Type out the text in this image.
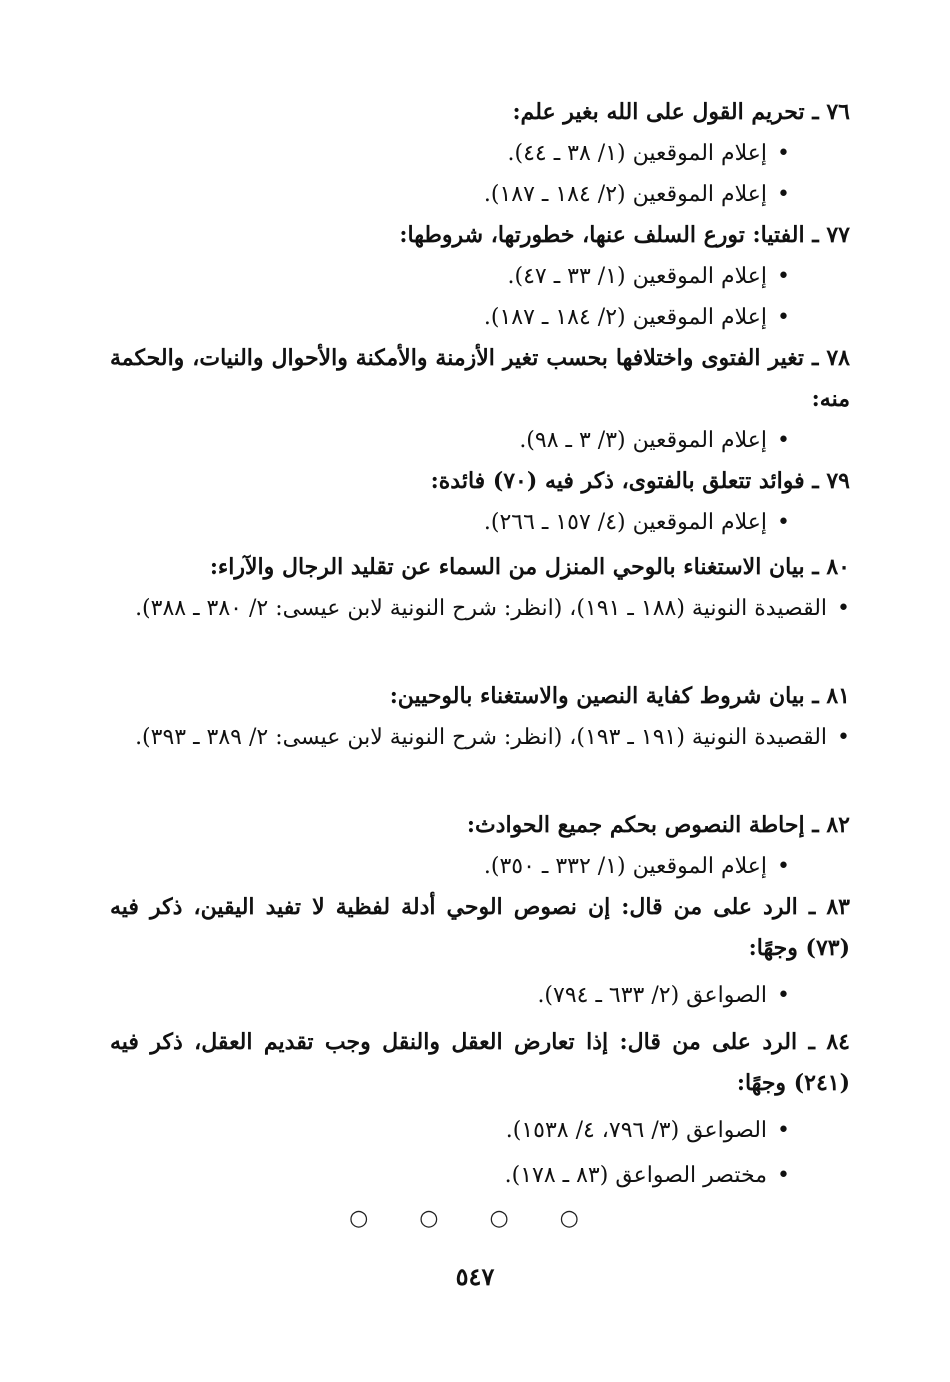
٧٦ ـ تحريم القول على الله بغير علم:
•إعلام الموقعين (١/ ٣٨ ـ ٤٤).
•إعلام الموقعين (٢/ ١٨٤ ـ ١٨٧).
٧٧ ـ الفتيا: تورع السلف عنها، خطورتها، شروطها:
•إعلام الموقعين (١/ ٣٣ ـ ٤٧).
•إعلام الموقعين (٢/ ١٨٤ ـ ١٨٧).
٧٨ ـ تغير الفتوى واختلافها بحسب تغير الأزمنة والأمكنة والأحوال والنيات، والحكمة منه:
•إعلام الموقعين (٣/ ٣ ـ ٩٨).
٧٩ ـ فوائد تتعلق بالفتوى، ذكر فيه (٧٠) فائدة:
•إعلام الموقعين (٤/ ١٥٧ ـ ٢٦٦).
٨٠ ـ بيان الاستغناء بالوحي المنزل من السماء عن تقليد الرجال والآراء:
•القصيدة النونية (١٨٨ ـ ١٩١)، (انظر: شرح النونية لابن عيسى: ٢/ ٣٨٠ ـ ٣٨٨).
٨١ ـ بيان شروط كفاية النصين والاستغناء بالوحيين:
•القصيدة النونية (١٩١ ـ ١٩٣)، (انظر: شرح النونية لابن عيسى: ٢/ ٣٨٩ ـ ٣٩٣).
٨٢ ـ إحاطة النصوص بحكم جميع الحوادث:
•إعلام الموقعين (١/ ٣٣٢ ـ ٣٥٠).
٨٣ ـ الرد على من قال: إن نصوص الوحي أدلة لفظية لا تفيد اليقين، ذكر فيه (٧٣) وجهًا:
•الصواعق (٢/ ٦٣٣ ـ ٧٩٤).
٨٤ ـ الرد على من قال: إذا تعارض العقل والنقل وجب تقديم العقل، ذكر فيه (٢٤١) وجهًا:
•الصواعق (٣/ ٧٩٦، ٤/ ١٥٣٨).
•مختصر الصواعق (٨٣ ـ ١٧٨).
○ ○ ○ ○
٥٤٧
